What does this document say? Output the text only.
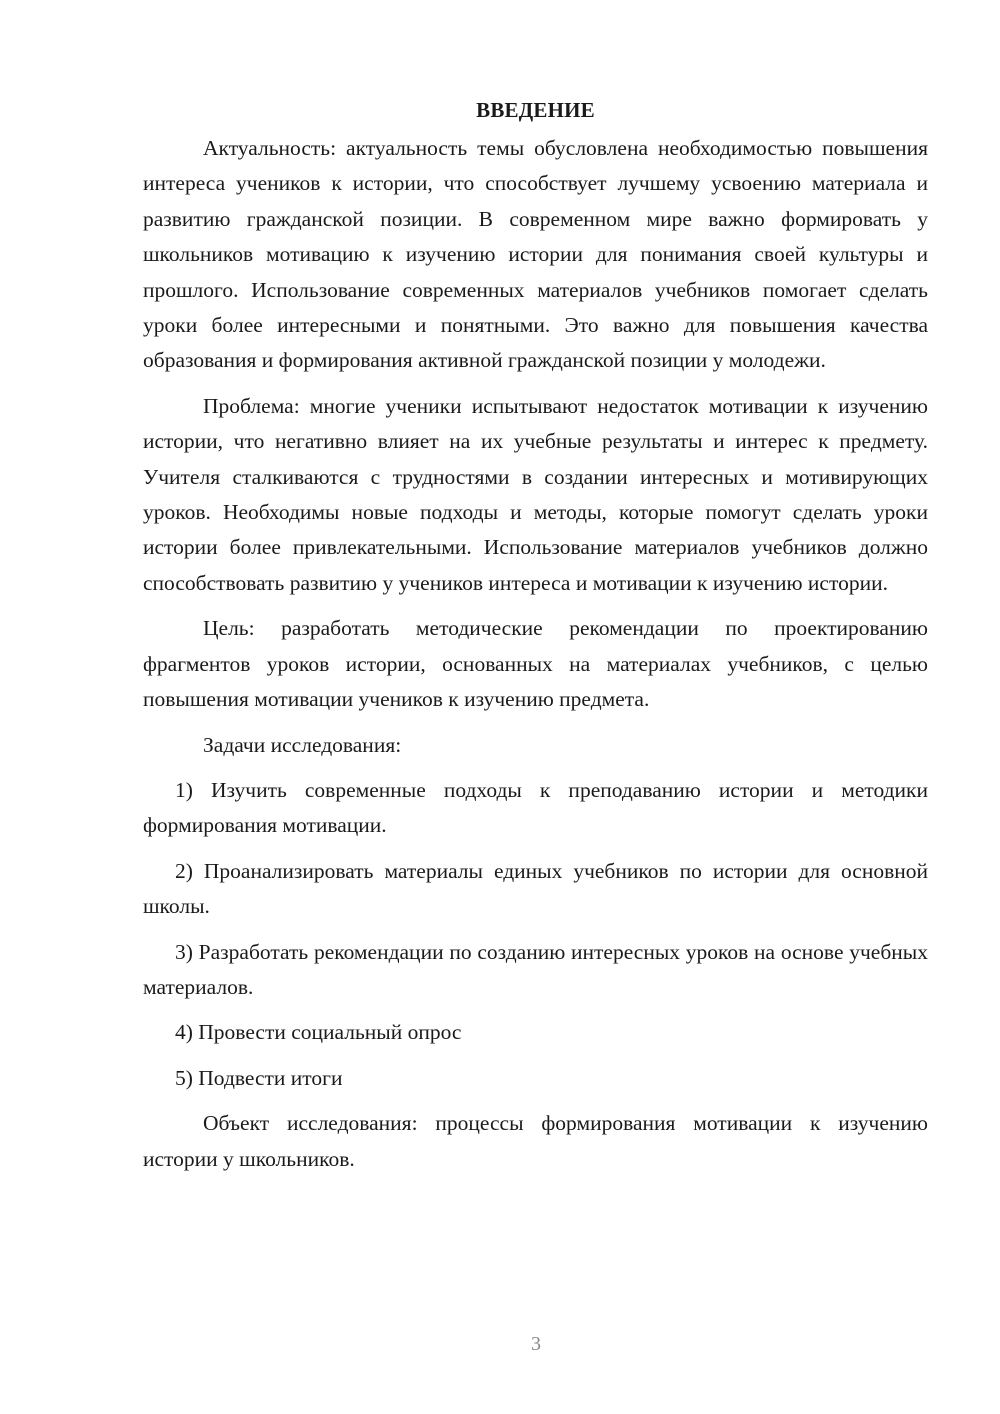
ВВЕДЕНИЕ

Актуальность: актуальность темы обусловлена необходимостью повышения интереса учеников к истории, что способствует лучшему усвоению материала и развитию гражданской позиции. В современном мире важно формировать у школьников мотивацию к изучению истории для понимания своей культуры и прошлого. Использование современных материалов учебников помогает сделать уроки более интересными и понятными. Это важно для повышения качества образования и формирования активной гражданской позиции у молодежи.

Проблема: многие ученики испытывают недостаток мотивации к изучению истории, что негативно влияет на их учебные результаты и интерес к предмету. Учителя сталкиваются с трудностями в создании интересных и мотивирующих уроков. Необходимы новые подходы и методы, которые помогут сделать уроки истории более привлекательными. Использование материалов учебников должно способствовать развитию у учеников интереса и мотивации к изучению истории.

Цель: разработать методические рекомендации по проектированию фрагментов уроков истории, основанных на материалах учебников, с целью повышения мотивации учеников к изучению предмета.

Задачи исследования:

1) Изучить современные подходы к преподаванию истории и методики формирования мотивации.

2) Проанализировать материалы единых учебников по истории для основной школы.

3) Разработать рекомендации по созданию интересных уроков на основе учебных материалов.

4) Провести социальный опрос

5) Подвести итоги

Объект исследования: процессы формирования мотивации к изучению истории у школьников.

3
